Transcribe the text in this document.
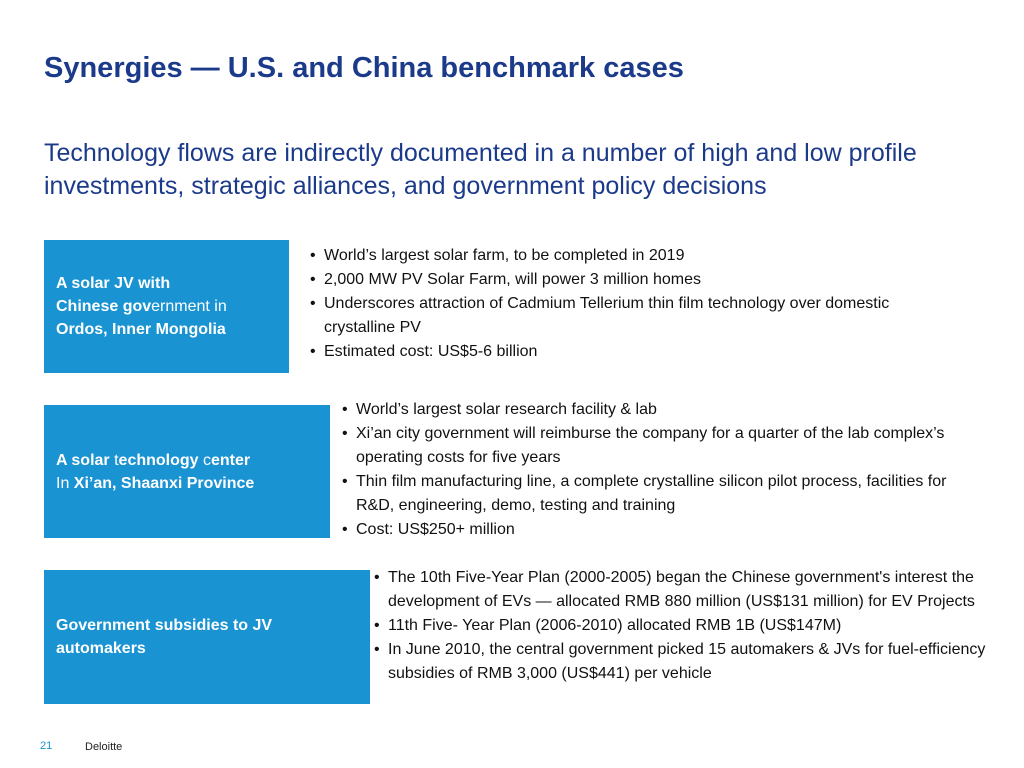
Synergies — U.S. and China benchmark cases

Technology flows are indirectly documented in a number of high and low profile investments, strategic alliances, and government policy decisions

A solar JV with
Chinese government in
Ordos, Inner Mongolia
• World’s largest solar farm, to be completed in 2019
• 2,000 MW PV Solar Farm, will power 3 million homes
• Underscores attraction of Cadmium Tellerium thin film technology over domestic crystalline PV
• Estimated cost: US$5-6 billion
A solar technology center
In Xi’an, Shaanxi Province
• World’s largest solar research facility & lab
• Xi’an city government will reimburse the company for a quarter of the lab complex’s operating costs for five years
• Thin film manufacturing line, a complete crystalline silicon pilot process, facilities for R&D, engineering, demo, testing and training
• Cost: US$250+ million
Government subsidies to JV automakers
• The 10th Five-Year Plan (2000-2005) began the Chinese government's interest the development of EVs — allocated RMB 880 million (US$131 million) for EV Projects
• 11th Five- Year Plan (2006-2010) allocated RMB 1B (US$147M)
• In June 2010, the central government picked 15 automakers & JVs for fuel-efficiency subsidies of RMB 3,000 (US$441) per vehicle
21	Deloitte
